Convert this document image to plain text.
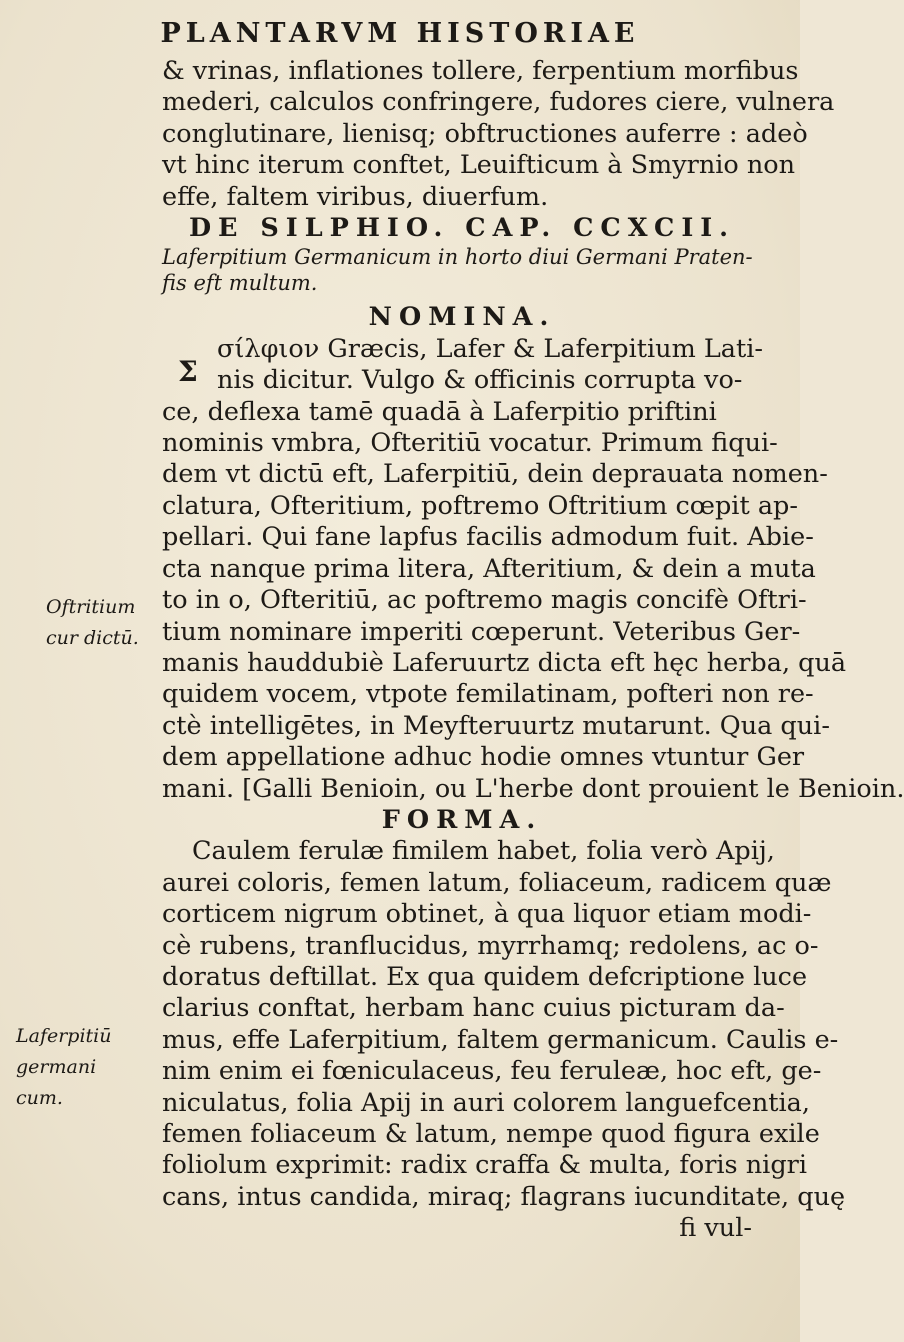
PLANTARVM HISTORIAE
& vrinas, inflationes tollere, ferpentium morfibus
mederi, calculos confringere, fudores ciere, vulnera
conglutinare, lienisq; obftructiones auferre : adeò
vt hinc iterum conftet, Leuifticum à Smyrnio non
effe, faltem viribus, diuerfum.
DE SILPHIO. CAP. CCXCII.
Laferpitium Germanicum in horto diui Germani Praten-
fis eft multum.
NOMINA.
σίλφιον Græcis, Lafer & Laferpitium Lati-
nis dicitur. Vulgo & officinis corrupta vo-
ce, deflexa tamē quadā à Laferpitio priftini
nominis vmbra, Ofteritiū vocatur. Primum fiqui-
dem vt dictū eft, Laferpitiū, dein deprauata nomen-
clatura, Ofteritium, poftremo Oftritium cœpit ap-
pellari. Qui fane lapfus facilis admodum fuit. Abie-
cta nanque prima litera, Afteritium, & dein a muta
to in o, Ofteritiū, ac poftremo magis concifè Oftri-
tium nominare imperiti cœperunt. Veteribus Ger-
manis hauddubiè Laferuurtz dicta eft hęc herba, quā
quidem vocem, vtpote femilatinam, pofteri non re-
ctè intelligētes, in Meyfteruurtz mutarunt. Qua qui-
dem appellatione adhuc hodie omnes vtuntur Ger
mani. [Galli Benioin, ou L'herbe dont prouient le Benioin.
FORMA.
Caulem ferulæ fimilem habet, folia verò Apij,
aurei coloris, femen latum, foliaceum, radicem quæ
corticem nigrum obtinet, à qua liquor etiam modi-
cè rubens, tranflucidus, myrrhamq; redolens, ac o-
doratus deftillat. Ex qua quidem defcriptione luce
clarius conftat, herbam hanc cuius picturam da-
mus, effe Laferpitium, faltem germanicum. Caulis e-
nim enim ei fœniculaceus, feu feruleæ, hoc eft, ge-
niculatus, folia Apij in auri colorem languefcentia,
femen foliaceum & latum, nempe quod figura exile
foliolum exprimit: radix craffa & multa, foris nigri
cans, intus candida, miraq; flagrans iucunditate, quę
fi vul-
Σ
Oftritium
cur dictū.
Laferpitiū
germani
cum.
